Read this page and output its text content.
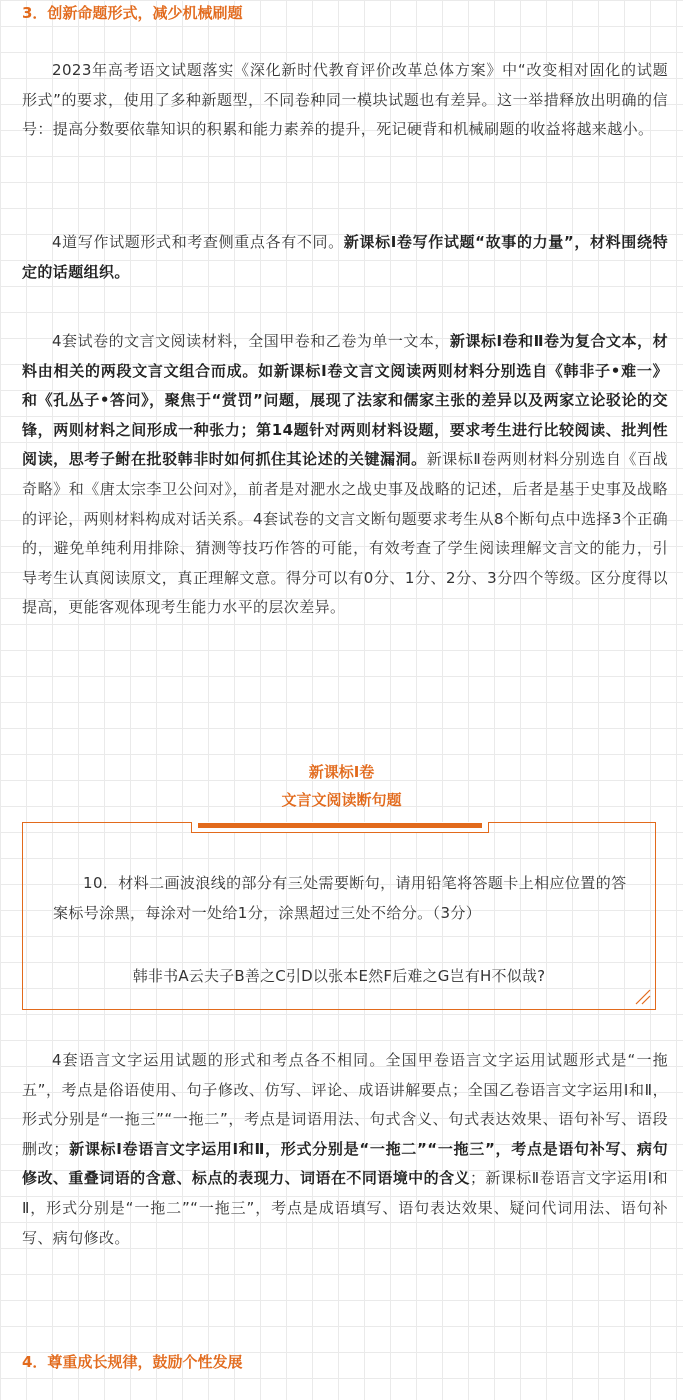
3．创新命题形式，减少机械刷题

2023年高考语文试题落实《深化新时代教育评价改革总体方案》中“改变相对固化的试题形式”的要求，使用了多种新题型，不同卷种同一模块试题也有差异。这一举措释放出明确的信号：提高分数要依靠知识的积累和能力素养的提升，死记硬背和机械刷题的收益将越来越小。

4道写作试题形式和考查侧重点各有不同。新课标Ⅰ卷写作试题“故事的力量”，材料围绕特定的话题组织。

4套试卷的文言文阅读材料，全国甲卷和乙卷为单一文本，新课标Ⅰ卷和Ⅱ卷为复合文本，材料由相关的两段文言文组合而成。如新课标Ⅰ卷文言文阅读两则材料分别选自《韩非子•难一》和《孔丛子•答问》，聚焦于“赏罚”问题，展现了法家和儒家主张的差异以及两家立论驳论的交锋，两则材料之间形成一种张力；第14题针对两则材料设题，要求考生进行比较阅读、批判性阅读，思考子鲋在批驳韩非时如何抓住其论述的关键漏洞。新课标Ⅱ卷两则材料分别选自《百战奇略》和《唐太宗李卫公问对》，前者是对淝水之战史事及战略的记述，后者是基于史事及战略的评论，两则材料构成对话关系。4套试卷的文言文断句题要求考生从8个断句点中选择3个正确的，避免单纯利用排除、猜测等技巧作答的可能，有效考查了学生阅读理解文言文的能力，引导考生认真阅读原文，真正理解文意。得分可以有0分、1分、2分、3分四个等级。区分度得以提高，更能客观体现考生能力水平的层次差异。

新课标Ⅰ卷

文言文阅读断句题

10．材料二画波浪线的部分有三处需要断句，请用铅笔将答题卡上相应位置的答案标号涂黑，每涂对一处给1分，涂黑超过三处不给分。（3分）

韩非书A云夫子B善之C引D以张本E然F后难之G岂有H不似哉?

4套语言文字运用试题的形式和考点各不相同。全国甲卷语言文字运用试题形式是“一拖五”，考点是俗语使用、句子修改、仿写、评论、成语讲解要点；全国乙卷语言文字运用Ⅰ和Ⅱ，形式分别是“一拖三”“一拖二”，考点是词语用法、句式含义、句式表达效果、语句补写、语段删改；新课标Ⅰ卷语言文字运用Ⅰ和Ⅱ，形式分别是“一拖二”“一拖三”，考点是语句补写、病句修改、重叠词语的含意、标点的表现力、词语在不同语境中的含义；新课标Ⅱ卷语言文字运用Ⅰ和Ⅱ，形式分别是“一拖二”“一拖三”，考点是成语填写、语句表达效果、疑问代词用法、语句补写、病句修改。

4．尊重成长规律，鼓励个性发展
